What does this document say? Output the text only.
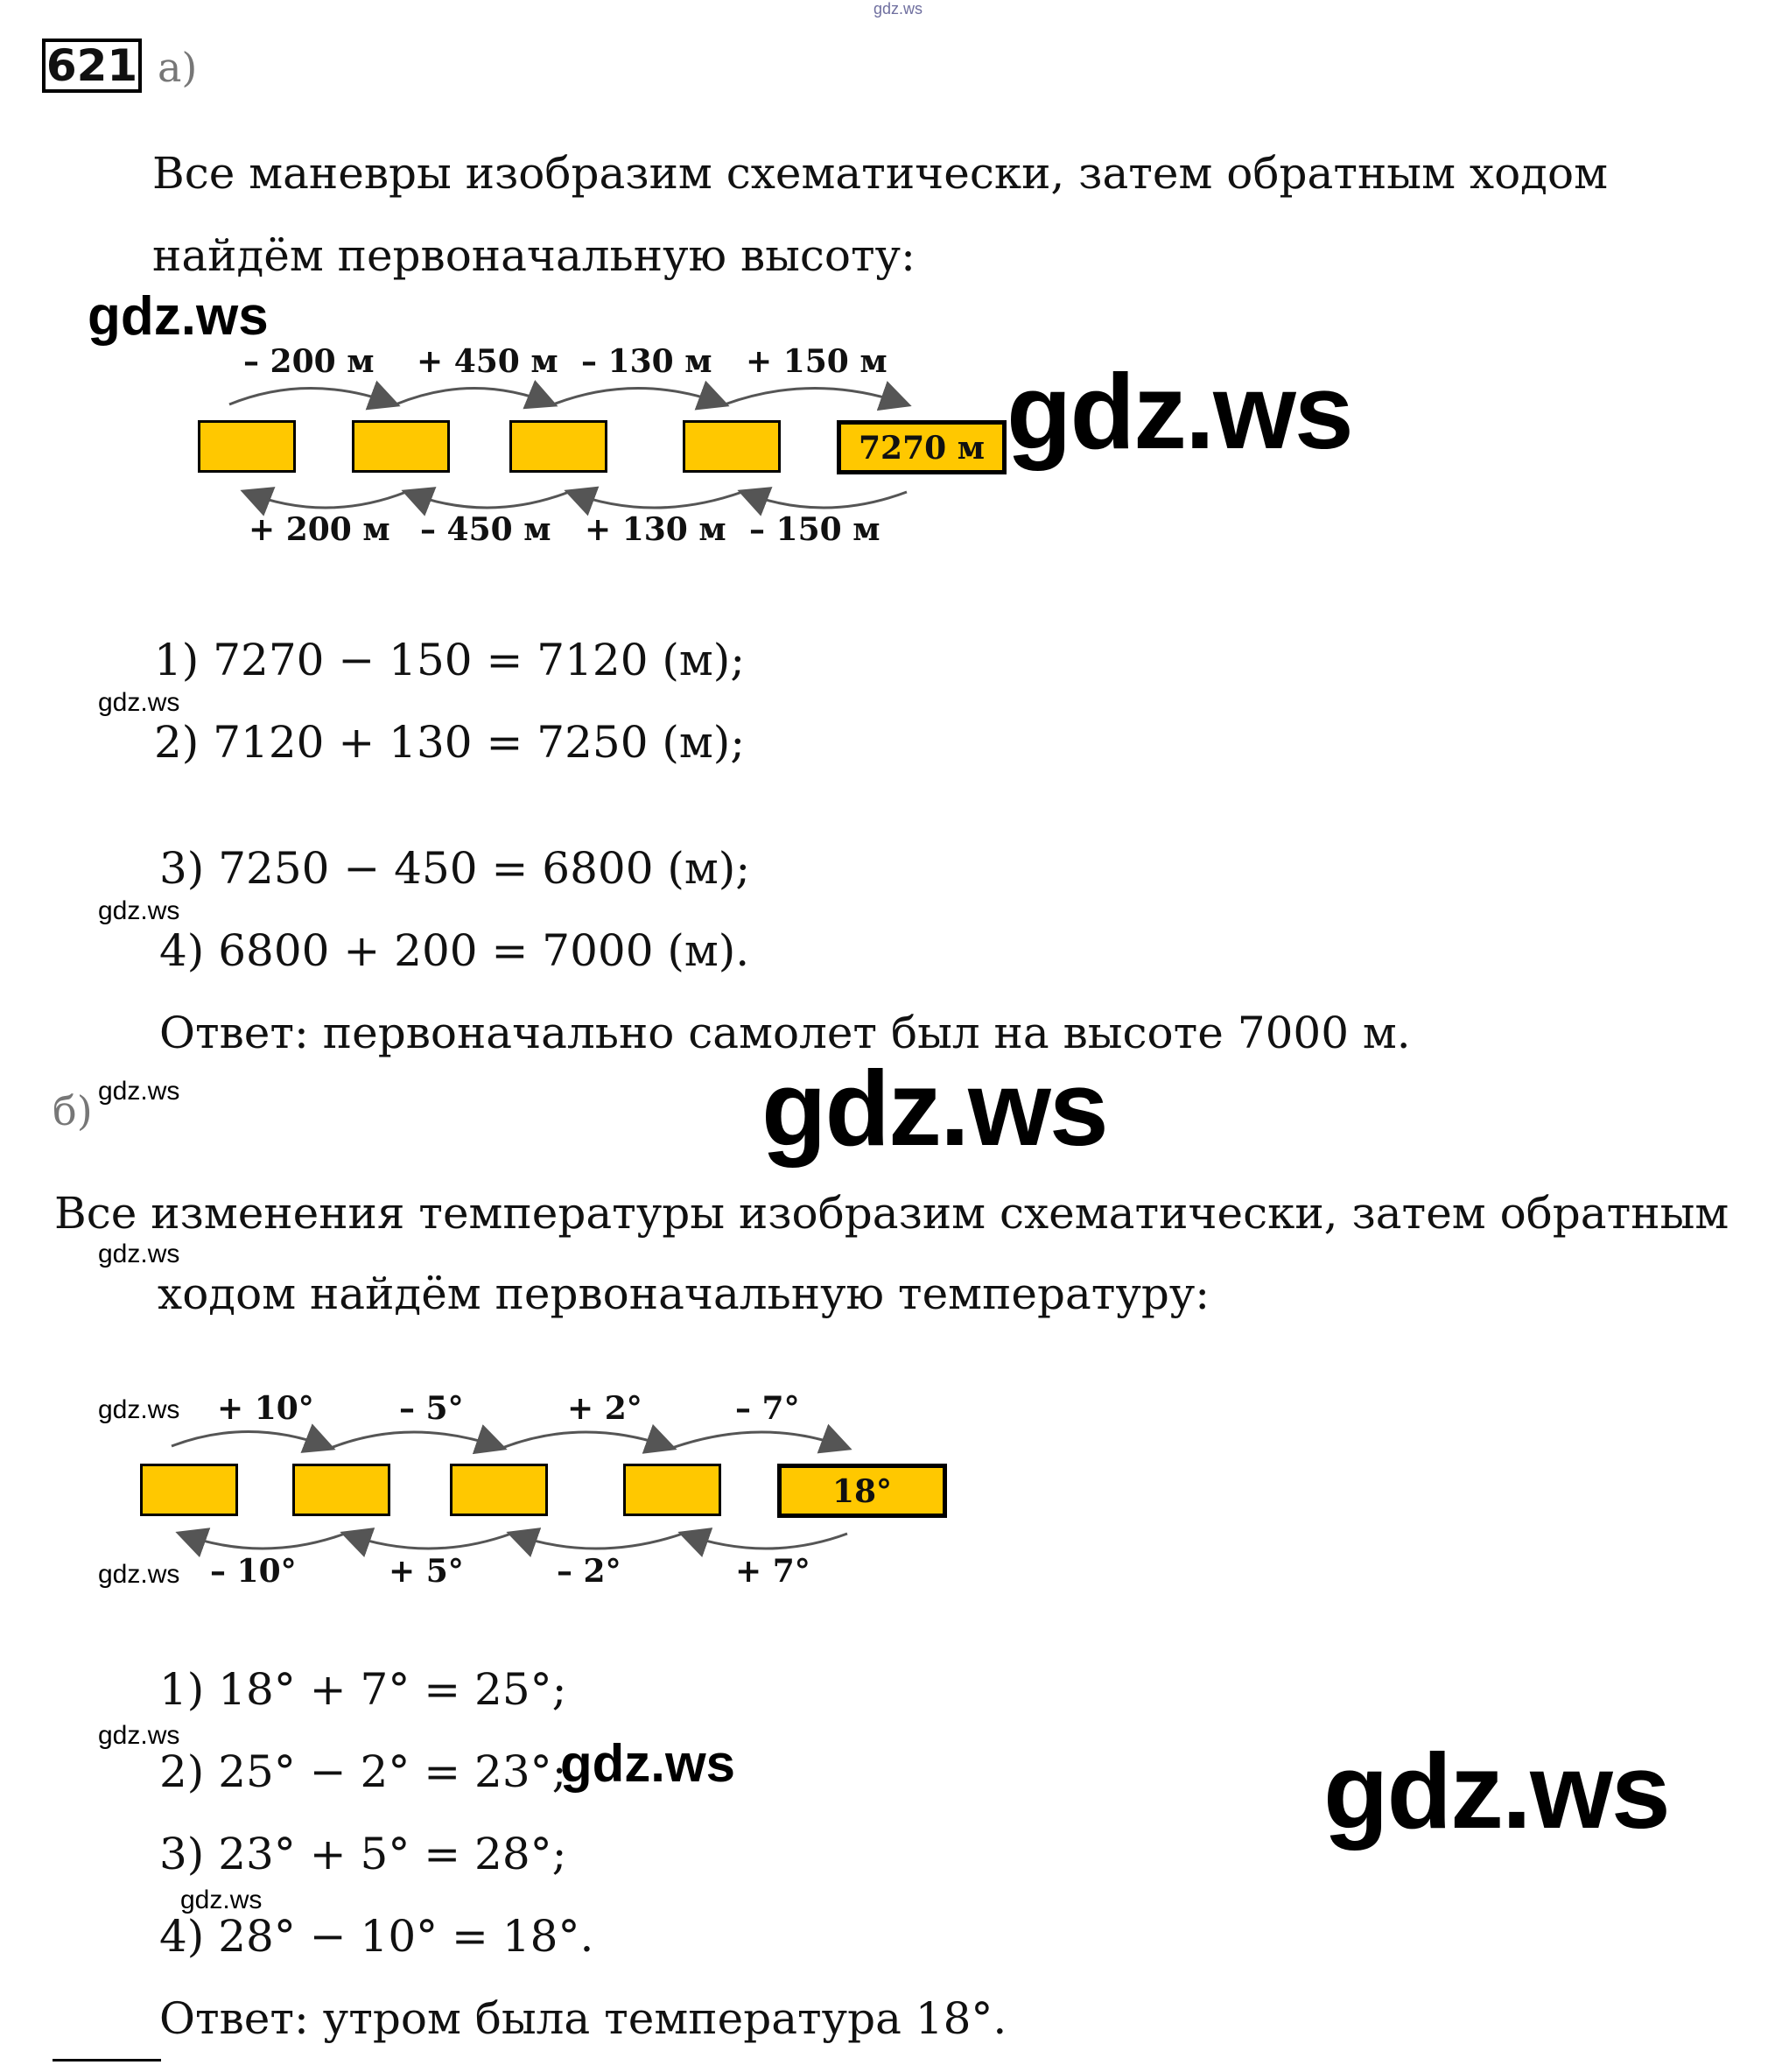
gdz.ws
621 а)
Все маневры изобразим схематически, затем обратным ходом
найдём первоначальную высоту:
gdz.ws
gdz.ws
– 200 м + 450 м – 130 м + 150 м
7270 м
+ 200 м – 450 м + 130 м – 150 м
1) 7270 − 150 = 7120 (м);
gdz.ws
2) 7120 + 130 = 7250 (м);
3) 7250 − 450 = 6800 (м);
gdz.ws
4) 6800 + 200 = 7000 (м).
Ответ: первоначально самолет был на высоте 7000 м.
б) gdz.ws	gdz.ws
Все изменения температуры изобразим схематически, затем обратным
gdz.ws
ходом найдём первоначальную температуру:
gdz.ws
gdz.ws
+ 10°	– 5°	+ 2°	– 7°
18°
– 10°	+ 5°	– 2°	+ 7°
1) 18° + 7° = 25°;
gdz.ws
2) 25° − 2° = 23°;
gdz.ws	gdz.ws
3) 23° + 5° = 28°;
gdz.ws
4) 28° − 10° = 18°.
Ответ: утром была температура 18°.
